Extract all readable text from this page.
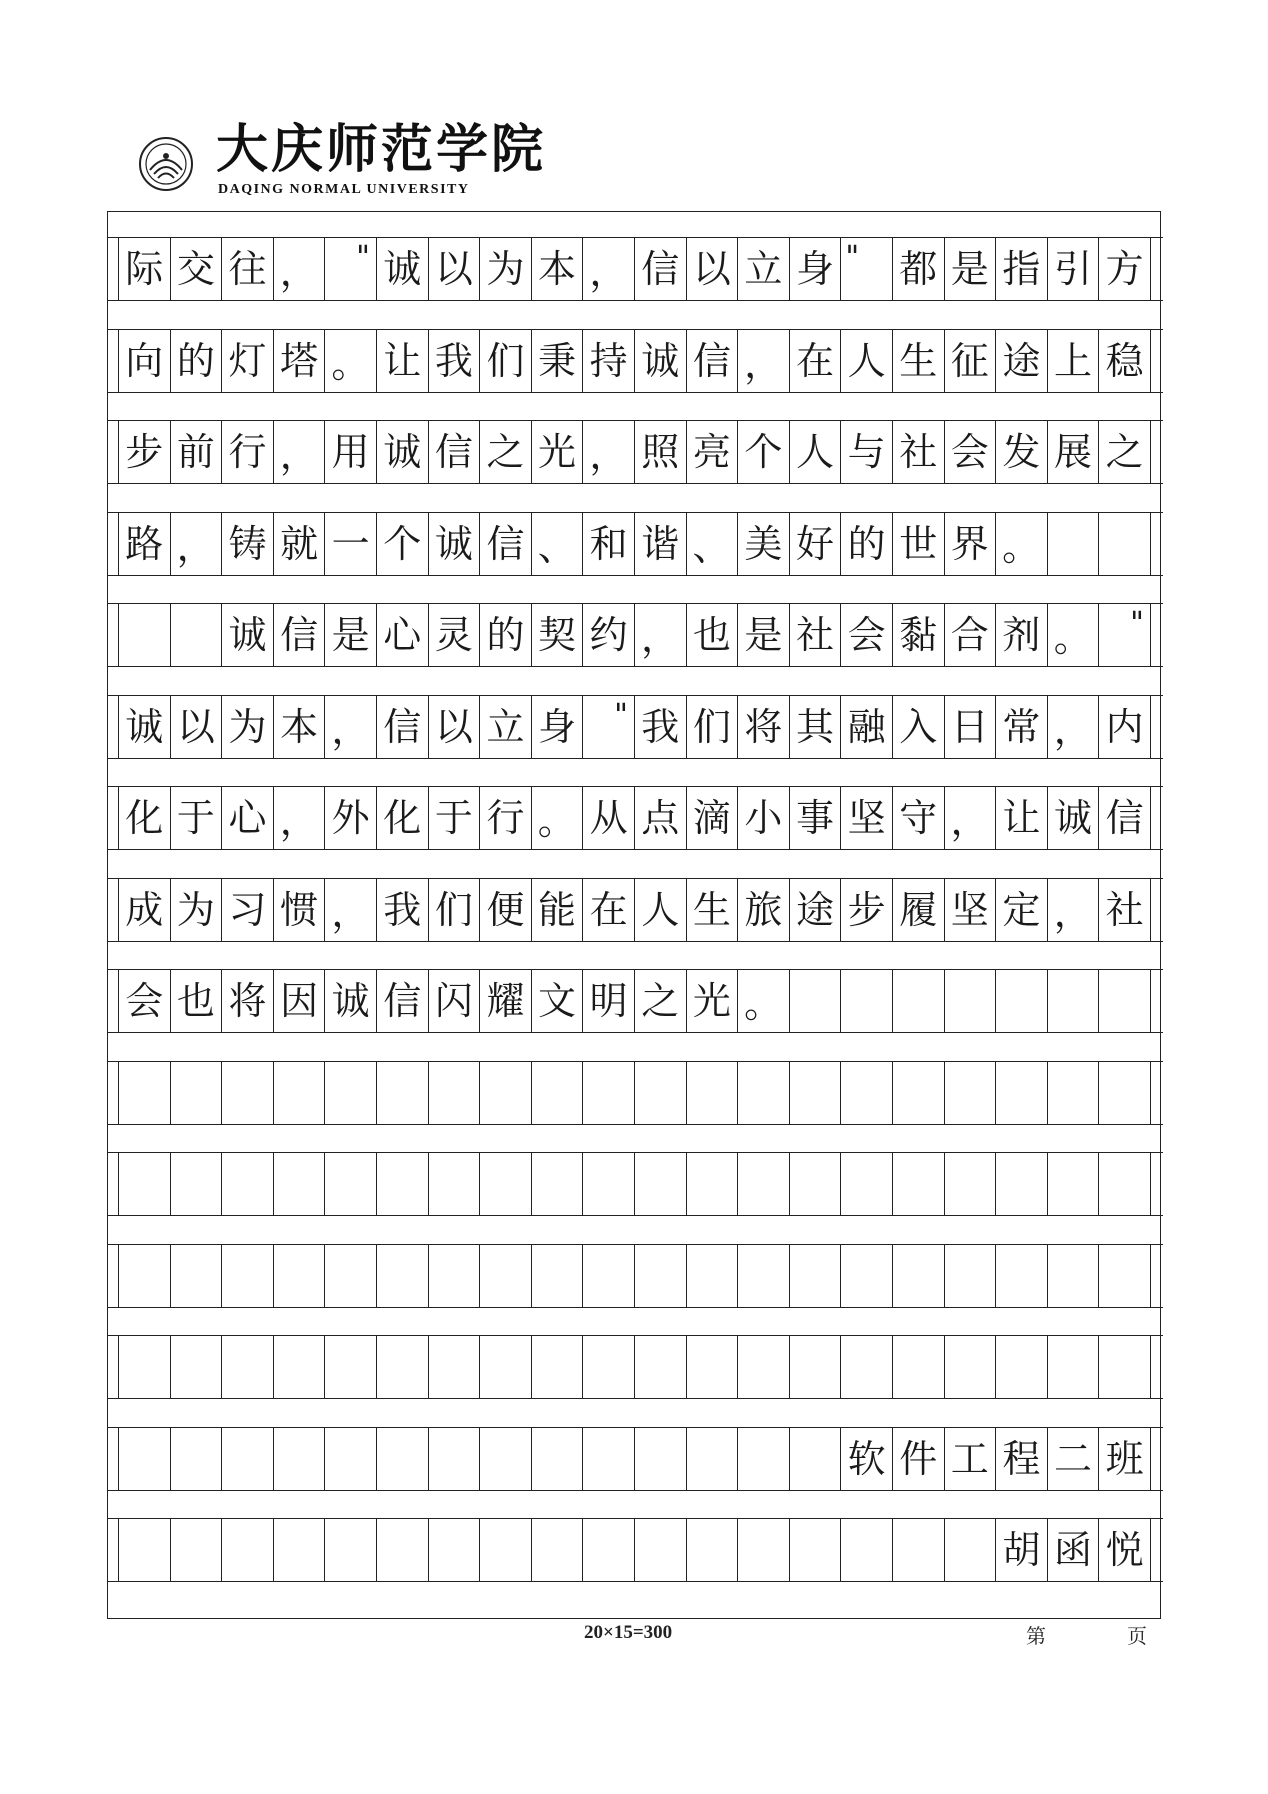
大庆师范学院
DAQING NORMAL UNIVERSITY
际 交 往 ，	" 诚 以 为 本 ， 信 以 立 身 "	都 是 指 引 方
向 的 灯 塔 。 让 我 们 秉 持 诚 信 ， 在 人 生 征 途 上 稳
步 前 行 ， 用 诚 信 之 光 ， 照 亮 个 人 与 社 会 发 展 之
路 ， 铸 就 一 个 诚 信 、 和 谐 、 美 好 的 世 界 。
诚 信 是 心 灵 的 契 约 ， 也 是 社 会 黏 合 剂 。	"
诚 以 为 本 ， 信 以 立 身	" 我 们 将 其 融 入 日 常 ， 内
化 于 心 ， 外 化 于 行 。 从 点 滴 小 事 坚 守 ， 让 诚 信
成 为 习 惯 ， 我 们 便 能 在 人 生 旅 途 步 履 坚 定 ， 社
会 也 将 因 诚 信 闪 耀 文 明 之 光 。
软 件 工 程 二 班
胡 函 悦
20×15=300	第	页
